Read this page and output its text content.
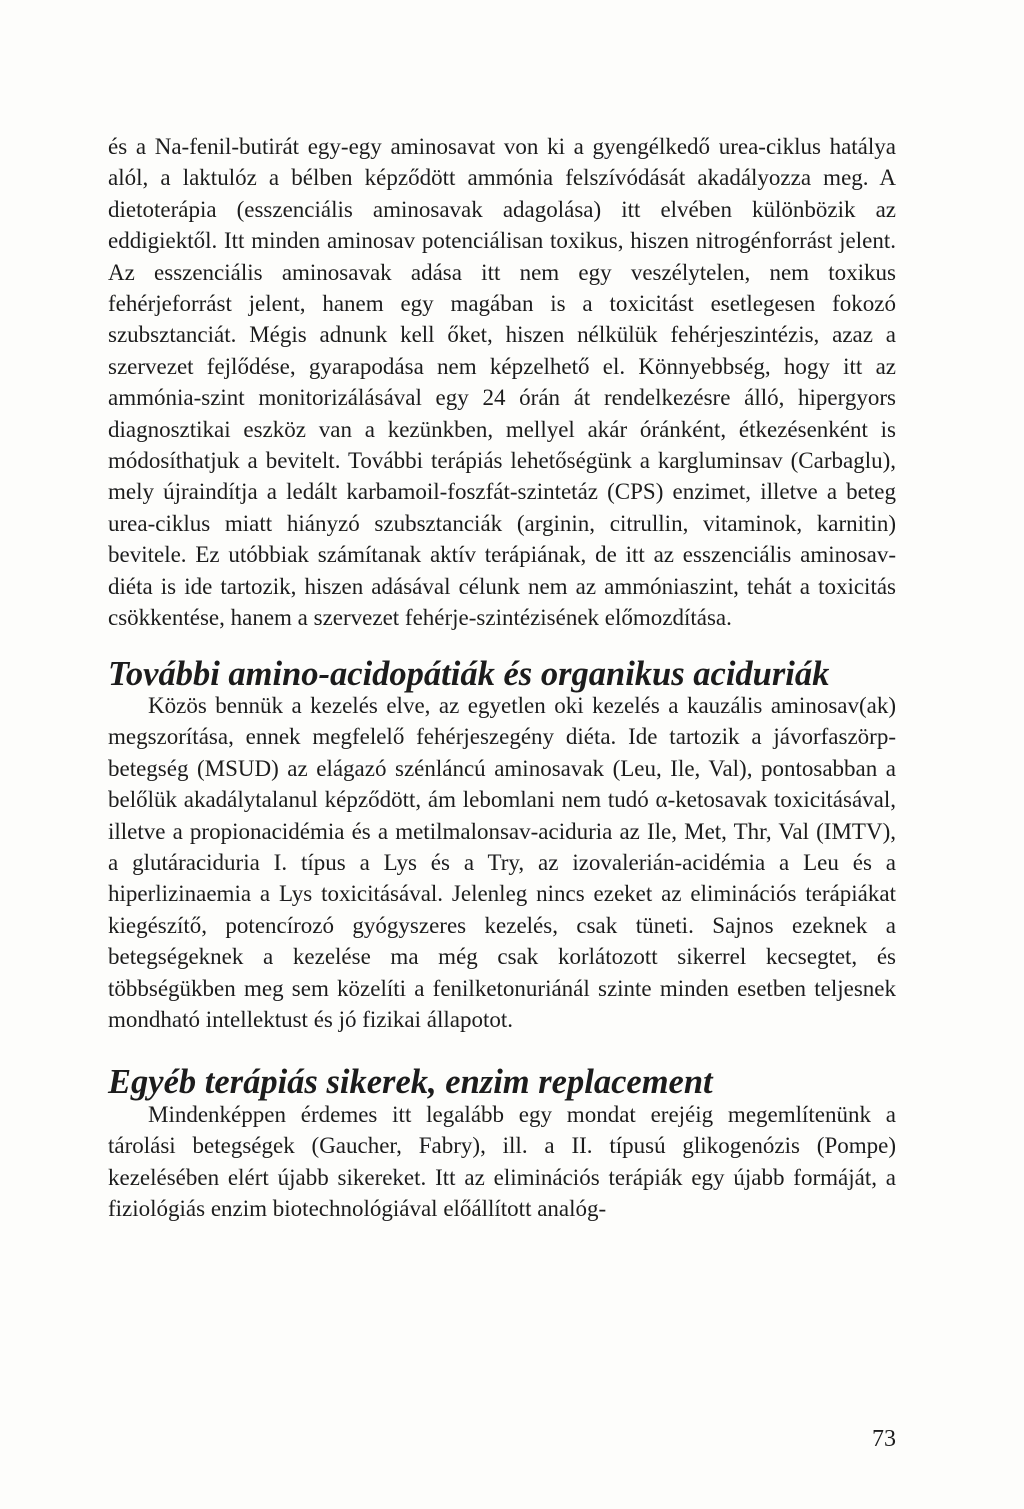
és a Na-fenil-butirát egy-egy aminosavat von ki a gyengélkedő urea-ciklus hatálya alól, a laktulóz a bélben képződött ammónia felszívódását akadályozza meg. A dietoterápia (esszenciális aminosavak adagolása) itt elvében különbözik az eddigiektől. Itt minden aminosav potenciálisan toxikus, hiszen nitrogénforrást jelent. Az esszenciális aminosavak adása itt nem egy veszélytelen, nem toxikus fehérjeforrást jelent, hanem egy magában is a toxicitást esetlegesen fokozó szubsztanciát. Mégis adnunk kell őket, hiszen nélkülük fehérjeszintézis, azaz a szervezet fejlődése, gyarapodása nem képzelhető el. Könnyebbség, hogy itt az ammónia-szint monitorizálásával egy 24 órán át rendelkezésre álló, hipergyors diagnosztikai eszköz van a kezünkben, mellyel akár óránként, étkezésenként is módosíthatjuk a bevitelt. További terápiás lehetőségünk a kargluminsav (Carbaglu), mely újraindítja a ledált karbamoil-foszfát-szintetáz (CPS) enzimet, illetve a beteg urea-ciklus miatt hiányzó szubsztanciák (arginin, citrullin, vitaminok, karnitin) bevitele. Ez utóbbiak számítanak aktív terápiának, de itt az esszenciális aminosav-diéta is ide tartozik, hiszen adásával célunk nem az ammóniaszint, tehát a toxicitás csökkentése, hanem a szervezet fehérje-szintézisének előmozdítása.

További amino-acidopátiák és organikus aciduriák

Közös bennük a kezelés elve, az egyetlen oki kezelés a kauzális aminosav(ak) megszorítása, ennek megfelelő fehérjeszegény diéta. Ide tartozik a jávorfaszörp-betegség (MSUD) az elágazó szénláncú aminosavak (Leu, Ile, Val), pontosabban a belőlük akadálytalanul képződött, ám lebomlani nem tudó α-ketosavak toxicitásával, illetve a propionacidémia és a metilmalonsav-aciduria az Ile, Met, Thr, Val (IMTV), a glutáraciduria I. típus a Lys és a Try, az izovalerián-acidémia a Leu és a hiperlizinaemia a Lys toxicitásával. Jelenleg nincs ezeket az eliminációs terápiákat kiegészítő, potencírozó gyógyszeres kezelés, csak tüneti. Sajnos ezeknek a betegségeknek a kezelése ma még csak korlátozott sikerrel kecsegtet, és többségükben meg sem közelíti a fenilketonuriánál szinte minden esetben teljesnek mondható intellektust és jó fizikai állapotot.

Egyéb terápiás sikerek, enzim replacement

Mindenképpen érdemes itt legalább egy mondat erejéig megemlítenünk a tárolási betegségek (Gaucher, Fabry), ill. a II. típusú glikogenózis (Pompe) kezelésében elért újabb sikereket. Itt az eliminációs terápiák egy újabb formáját, a fiziológiás enzim biotechnológiával előállított analóg-

73
